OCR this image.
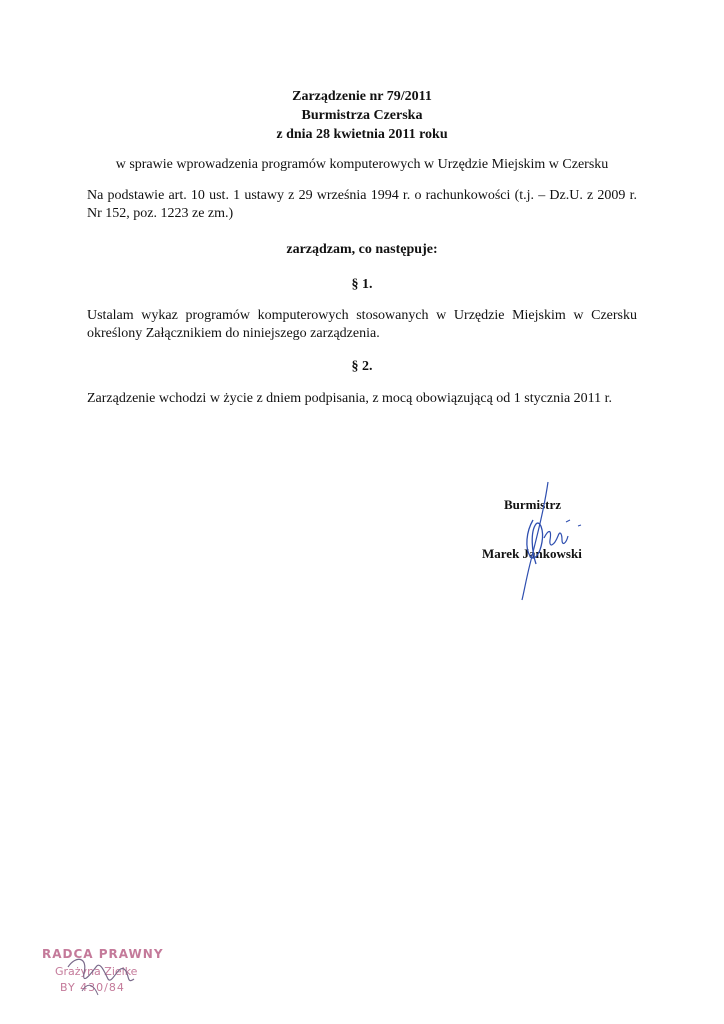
Zarządzenie nr 79/2011
Burmistrza Czerska
z dnia 28 kwietnia 2011 roku
w sprawie wprowadzenia programów komputerowych w Urzędzie Miejskim w Czersku
Na podstawie art. 10 ust. 1 ustawy z 29 września 1994 r. o rachunkowości (t.j. – Dz.U. z 2009 r. Nr 152, poz. 1223 ze zm.)
zarządzam, co następuje:
§ 1.
Ustalam wykaz programów komputerowych stosowanych w Urzędzie Miejskim w Czersku określony Załącznikiem do niniejszego zarządzenia.
§ 2.
Zarządzenie wchodzi w życie z dniem podpisania, z mocą obowiązującą od 1 stycznia 2011 r.
Burmistrz
Marek Jankowski
RADCA PRAWNY
Grażyna Zielke
BY 430/84
